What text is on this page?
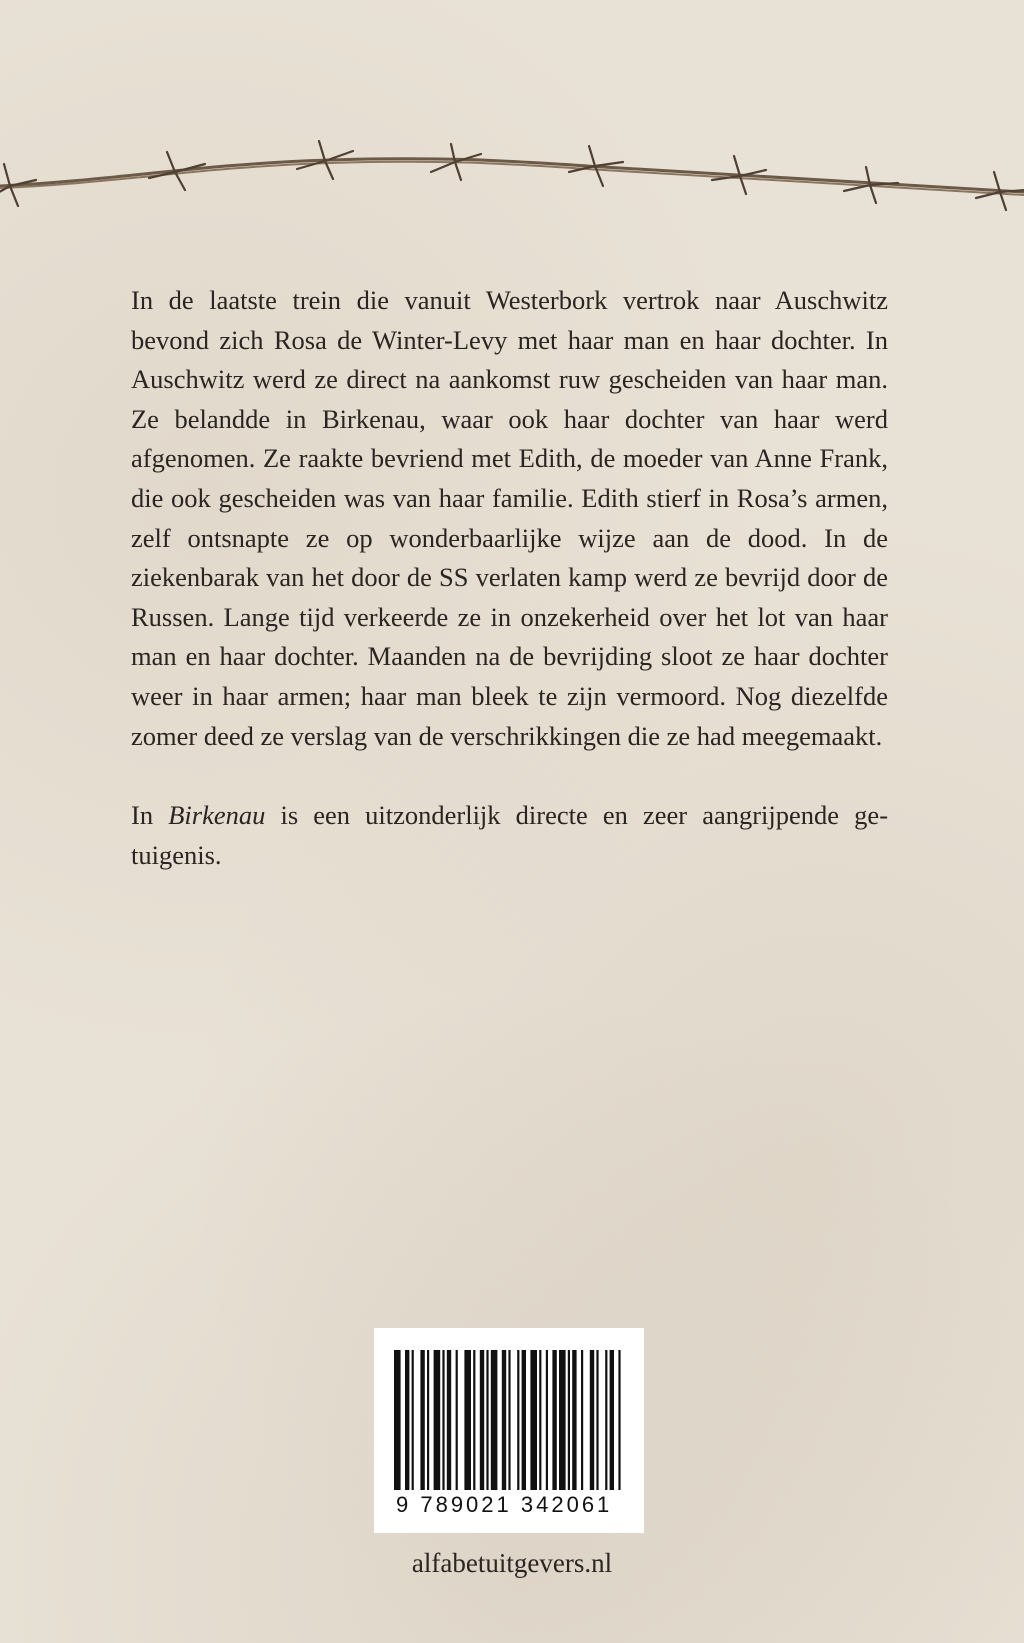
In de laatste trein die vanuit Westerbork vertrok naar Auschwitz bevond zich Rosa de Winter-Levy met haar man en haar dochter. In Auschwitz werd ze direct na aankomst ruw gescheiden van haar man. Ze belandde in Birkenau, waar ook haar dochter van haar werd afgenomen. Ze raakte bevriend met Edith, de moeder van Anne Frank, die ook gescheiden was van haar familie. Edith stierf in Rosa’s armen, zelf ontsnapte ze op wonderbaarlijke wijze aan de dood. In de ziekenbarak van het door de SS verlaten kamp werd ze bevrijd door de Russen. Lange tijd verkeerde ze in onzekerheid over het lot van haar man en haar dochter. Maanden na de bevrijding sloot ze haar dochter weer in haar armen; haar man bleek te zijn vermoord. Nog diezelfde zomer deed ze verslag van de verschrikkingen die ze had meegemaakt.

In Birkenau is een uitzonderlijk directe en zeer aangrijpende getuigenis.

9 789021 342061
alfabetuitgevers.nl
